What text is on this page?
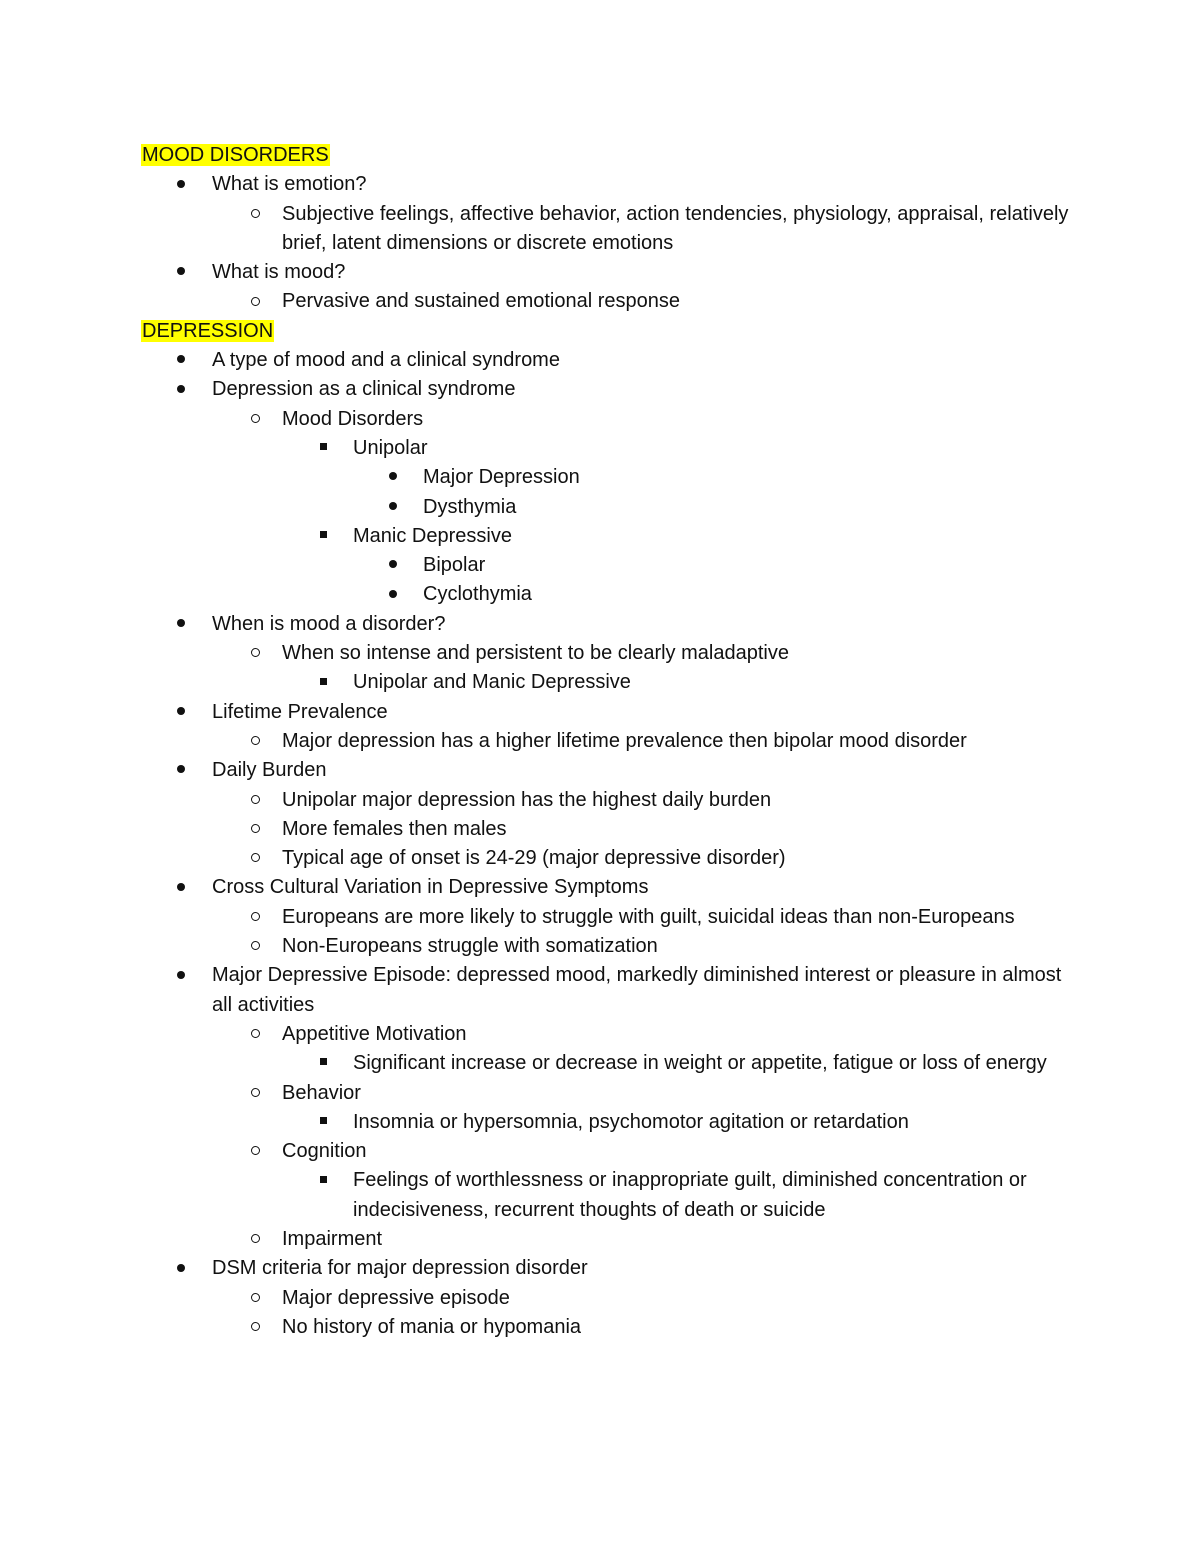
MOOD DISORDERS
What is emotion?
Subjective feelings, affective behavior, action tendencies, physiology, appraisal, relatively brief, latent dimensions or discrete emotions
What is mood?
Pervasive and sustained emotional response
DEPRESSION
A type of mood and a clinical syndrome
Depression as a clinical syndrome
Mood Disorders
Unipolar
Major Depression
Dysthymia
Manic Depressive
Bipolar
Cyclothymia
When is mood a disorder?
When so intense and persistent to be clearly maladaptive
Unipolar and Manic Depressive
Lifetime Prevalence
Major depression has a higher lifetime prevalence then bipolar mood disorder
Daily Burden
Unipolar major depression has the highest daily burden
More females then males
Typical age of onset is 24-29 (major depressive disorder)
Cross Cultural Variation in Depressive Symptoms
Europeans are more likely to struggle with guilt, suicidal ideas than non-Europeans
Non-Europeans struggle with somatization
Major Depressive Episode: depressed mood, markedly diminished interest or pleasure in almost all activities
Appetitive Motivation
Significant increase or decrease in weight or appetite, fatigue or loss of energy
Behavior
Insomnia or hypersomnia, psychomotor agitation or retardation
Cognition
Feelings of worthlessness or inappropriate guilt, diminished concentration or indecisiveness, recurrent thoughts of death or suicide
Impairment
DSM criteria for major depression disorder
Major depressive episode
No history of mania or hypomania
